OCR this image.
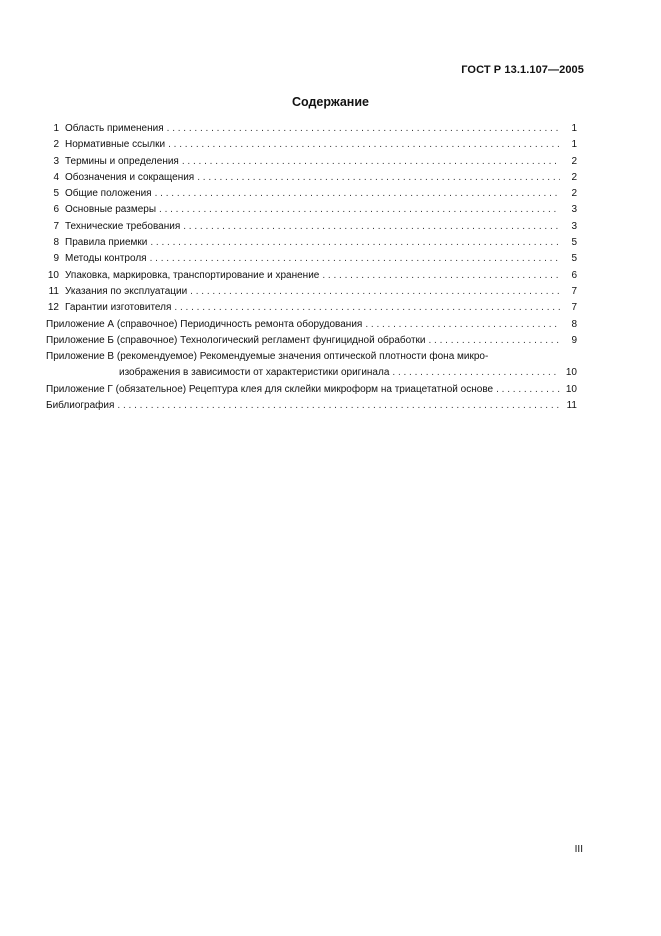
ГОСТ Р 13.1.107—2005
Содержание
1 Область применения . . .	1
2 Нормативные ссылки . . .	1
3 Термины и определения . . .	2
4 Обозначения и сокращения . . .	2
5 Общие положения . . .	2
6 Основные размеры . . .	3
7 Технические требования . . .	3
8 Правила приемки . . .	5
9 Методы контроля . . .	5
10 Упаковка, маркировка, транспортирование и хранение . . .	6
11 Указания по эксплуатации . . .	7
12 Гарантии изготовителя . . .	7
Приложение А (справочное) Периодичность ремонта оборудования . . .	8
Приложение Б (справочное) Технологический регламент фунгицидной обработки . . .	9
Приложение В (рекомендуемое) Рекомендуемые значения оптической плотности фона микро-
изображения в зависимости от характеристики оригинала . . .	10
Приложение Г (обязательное) Рецептура клея для склейки микроформ на триацетатной основе . . .	10
Библиография . . .	11
III
